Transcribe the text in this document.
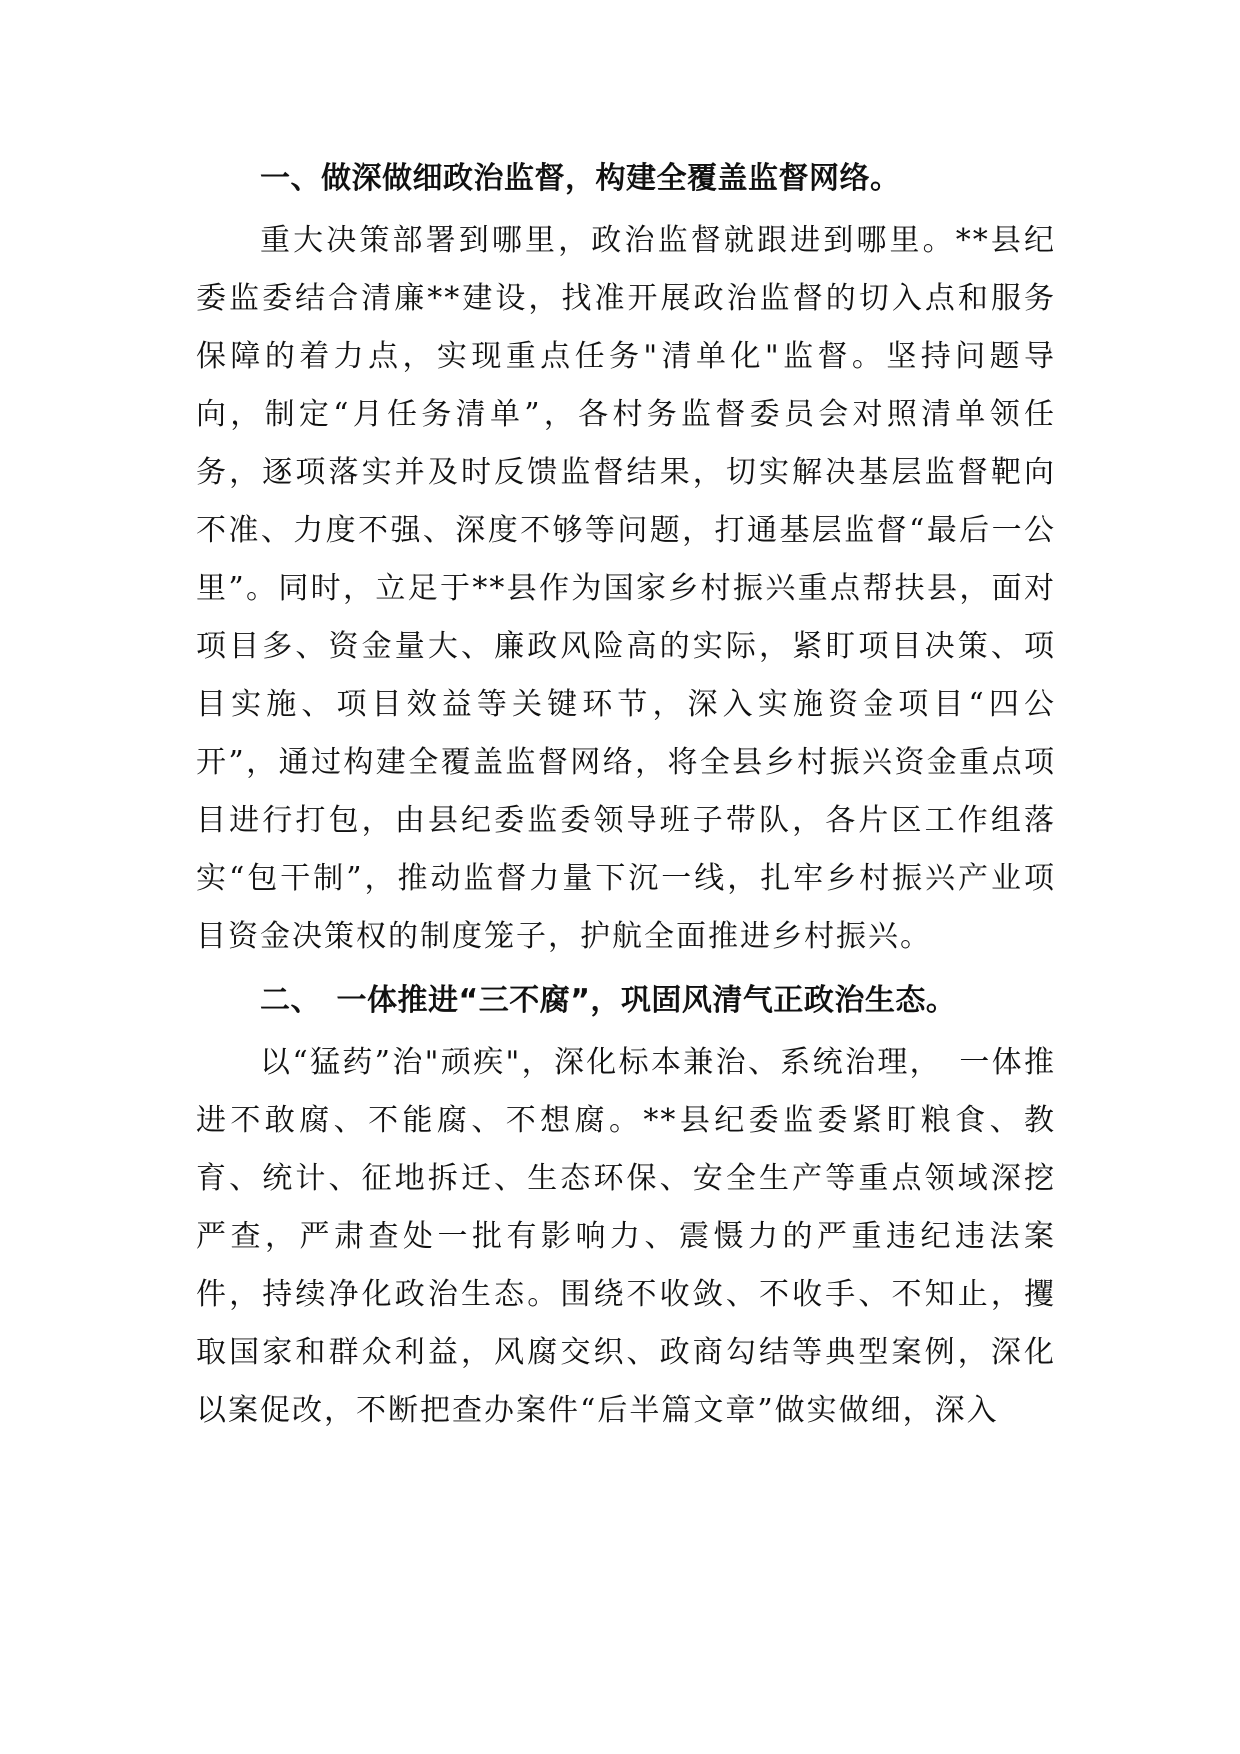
一、做深做细政治监督，构建全覆盖监督网络。

重大决策部署到哪里，政治监督就跟进到哪里。**县纪委监委结合清廉**建设，找准开展政治监督的切入点和服务保障的着力点，实现重点任务"清单化"监督。坚持问题导向，制定“月任务清单”，各村务监督委员会对照清单领任务，逐项落实并及时反馈监督结果，切实解决基层监督靶向不准、力度不强、深度不够等问题，打通基层监督“最后一公里”。同时，立足于**县作为国家乡村振兴重点帮扶县，面对项目多、资金量大、廉政风险高的实际，紧盯项目决策、项目实施、项目效益等关键环节，深入实施资金项目“四公开”，通过构建全覆盖监督网络，将全县乡村振兴资金重点项目进行打包，由县纪委监委领导班子带队，各片区工作组落实“包干制”，推动监督力量下沉一线，扎牢乡村振兴产业项目资金决策权的制度笼子，护航全面推进乡村振兴。

二、　一体推进“三不腐”，巩固风清气正政治生态。

以“猛药”治"顽疾"，深化标本兼治、系统治理，　一体推进不敢腐、不能腐、不想腐。**县纪委监委紧盯粮食、教育、统计、征地拆迁、生态环保、安全生产等重点领域深挖严查，严肃查处一批有影响力、震慑力的严重违纪违法案件，持续净化政治生态。围绕不收敛、不收手、不知止，攫取国家和群众利益，风腐交织、政商勾结等典型案例，深化以案促改，不断把查办案件“后半篇文章”做实做细，深入
